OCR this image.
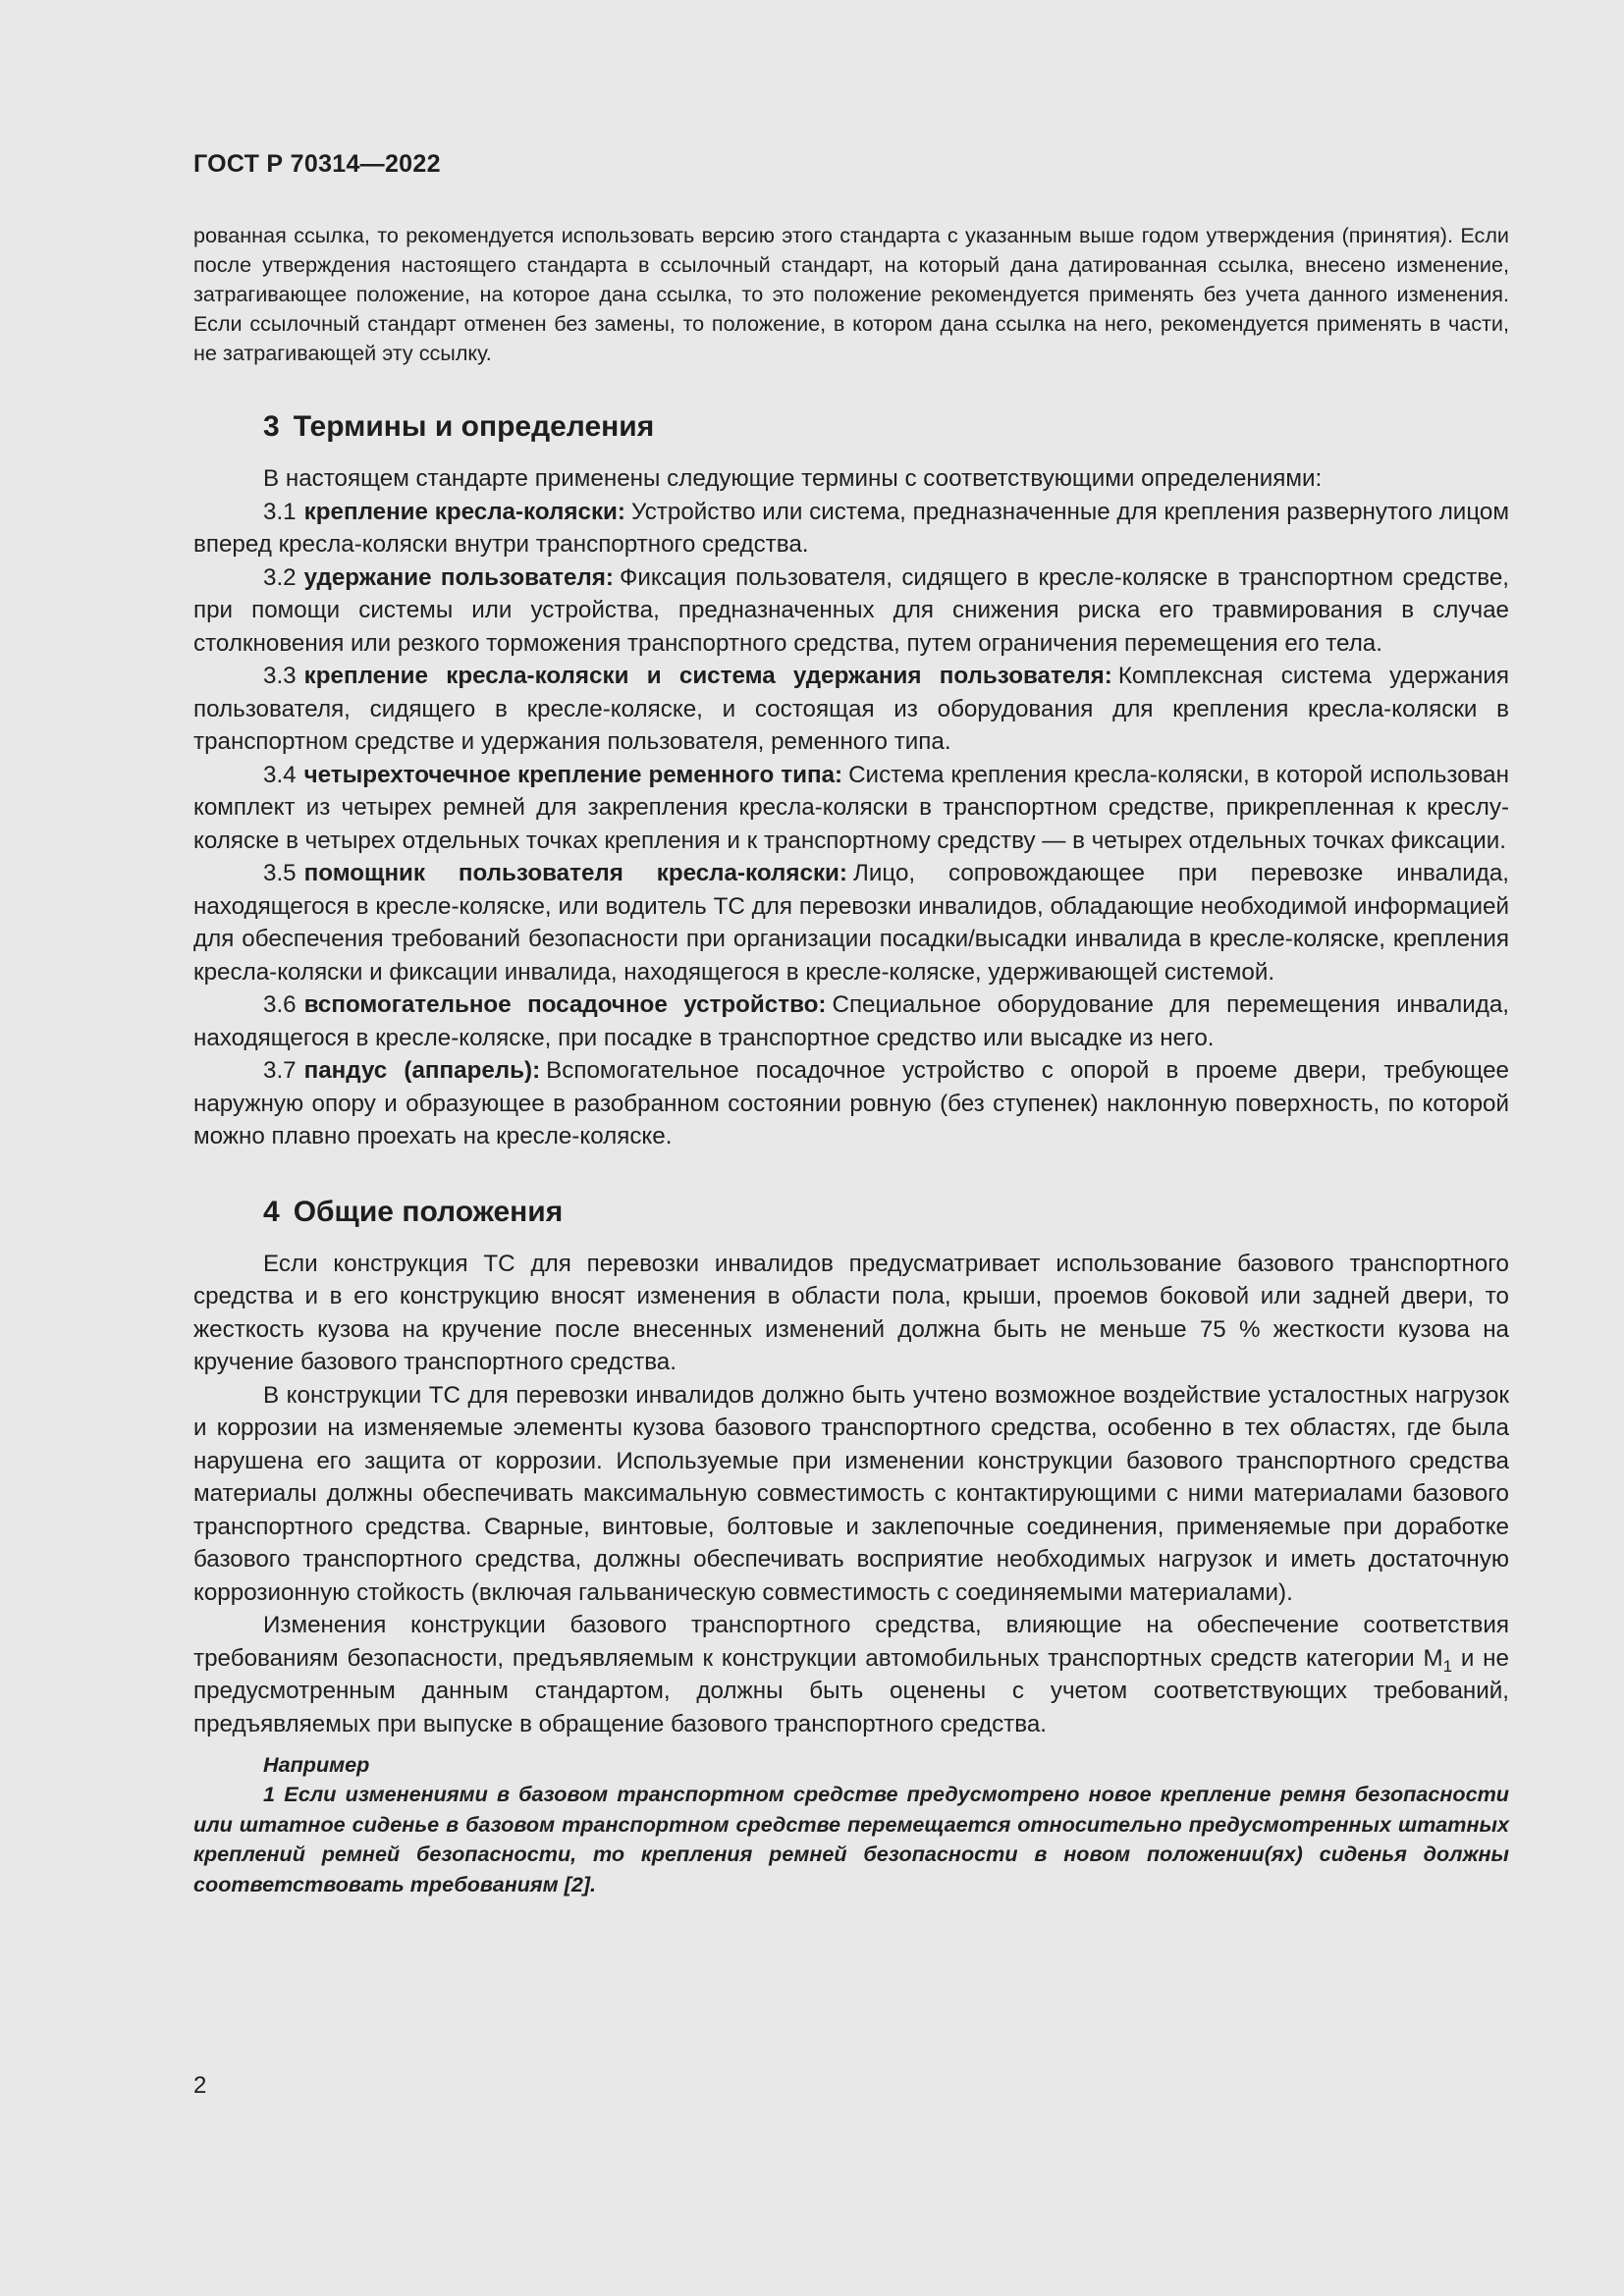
ГОСТ Р 70314—2022

рованная ссылка, то рекомендуется использовать версию этого стандарта с указанным выше годом утверждения (принятия). Если после утверждения настоящего стандарта в ссылочный стандарт, на который дана датированная ссылка, внесено изменение, затрагивающее положение, на которое дана ссылка, то это положение рекомендуется применять без учета данного изменения. Если ссылочный стандарт отменен без замены, то положение, в котором дана ссылка на него, рекомендуется применять в части, не затрагивающей эту ссылку.

3 Термины и определения

В настоящем стандарте применены следующие термины с соответствующими определениями:

3.1 крепление кресла-коляски: Устройство или система, предназначенные для крепления развернутого лицом вперед кресла-коляски внутри транспортного средства.

3.2 удержание пользователя: Фиксация пользователя, сидящего в кресле-коляске в транспортном средстве, при помощи системы или устройства, предназначенных для снижения риска его травмирования в случае столкновения или резкого торможения транспортного средства, путем ограничения перемещения его тела.

3.3 крепление кресла-коляски и система удержания пользователя: Комплексная система удержания пользователя, сидящего в кресле-коляске, и состоящая из оборудования для крепления кресла-коляски в транспортном средстве и удержания пользователя, ременного типа.

3.4 четырехточечное крепление ременного типа: Система крепления кресла-коляски, в которой использован комплект из четырех ремней для закрепления кресла-коляски в транспортном средстве, прикрепленная к креслу-коляске в четырех отдельных точках крепления и к транспортному средству — в четырех отдельных точках фиксации.

3.5 помощник пользователя кресла-коляски: Лицо, сопровождающее при перевозке инвалида, находящегося в кресле-коляске, или водитель ТС для перевозки инвалидов, обладающие необходимой информацией для обеспечения требований безопасности при организации посадки/высадки инвалида в кресле-коляске, крепления кресла-коляски и фиксации инвалида, находящегося в кресле-коляске, удерживающей системой.

3.6 вспомогательное посадочное устройство: Специальное оборудование для перемещения инвалида, находящегося в кресле-коляске, при посадке в транспортное средство или высадке из него.

3.7 пандус (аппарель): Вспомогательное посадочное устройство с опорой в проеме двери, требующее наружную опору и образующее в разобранном состоянии ровную (без ступенек) наклонную поверхность, по которой можно плавно проехать на кресле-коляске.

4 Общие положения

Если конструкция ТС для перевозки инвалидов предусматривает использование базового транспортного средства и в его конструкцию вносят изменения в области пола, крыши, проемов боковой или задней двери, то жесткость кузова на кручение после внесенных изменений должна быть не меньше 75 % жесткости кузова на кручение базового транспортного средства.

В конструкции ТС для перевозки инвалидов должно быть учтено возможное воздействие усталостных нагрузок и коррозии на изменяемые элементы кузова базового транспортного средства, особенно в тех областях, где была нарушена его защита от коррозии. Используемые при изменении конструкции базового транспортного средства материалы должны обеспечивать максимальную совместимость с контактирующими с ними материалами базового транспортного средства. Сварные, винтовые, болтовые и заклепочные соединения, применяемые при доработке базового транспортного средства, должны обеспечивать восприятие необходимых нагрузок и иметь достаточную коррозионную стойкость (включая гальваническую совместимость с соединяемыми материалами).

Изменения конструкции базового транспортного средства, влияющие на обеспечение соответствия требованиям безопасности, предъявляемым к конструкции автомобильных транспортных средств категории $М_1$ и не предусмотренным данным стандартом, должны быть оценены с учетом соответствующих требований, предъявляемых при выпуске в обращение базового транспортного средства.

Например

1 Если изменениями в базовом транспортном средстве предусмотрено новое крепление ремня безопасности или штатное сиденье в базовом транспортном средстве перемещается относительно предусмотренных штатных креплений ремней безопасности, то крепления ремней безопасности в новом положении(ях) сиденья должны соответствовать требованиям [2].

2
